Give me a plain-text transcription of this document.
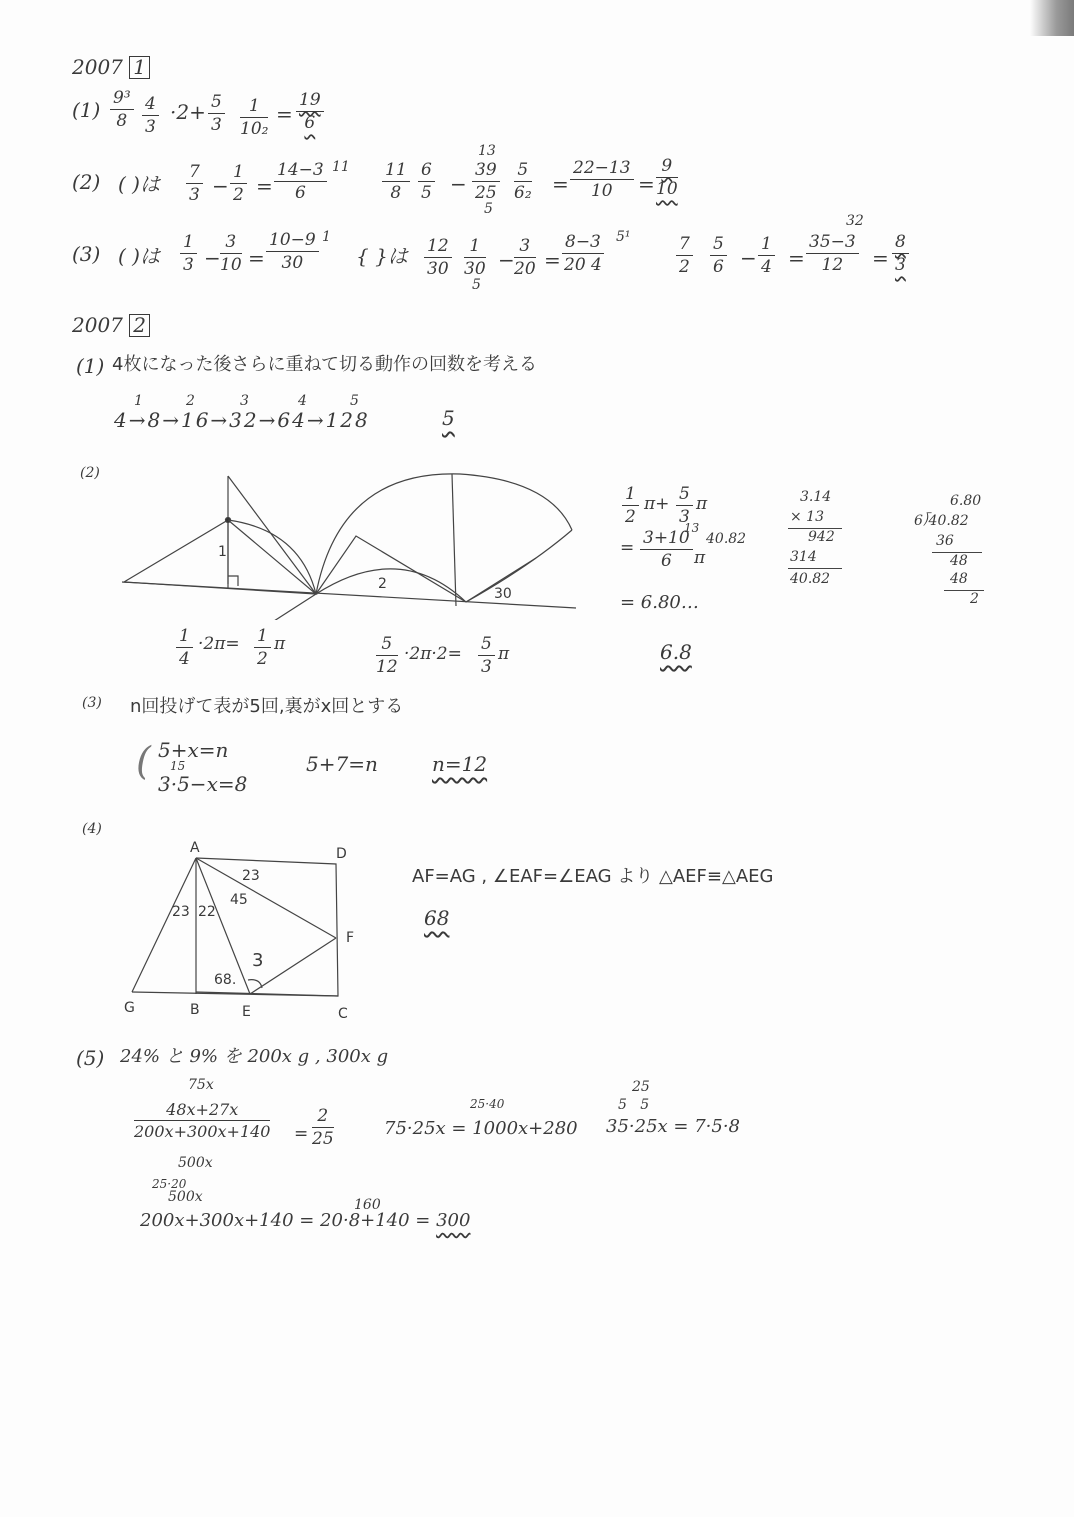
2007 1
$(1) \frac{\text{9³}}{8} \frac{4}{3} \cdot 2+ \frac{5}{3} \frac{1}{\text{10₂}} = \frac{19}{6}$
(2) ( )は $\frac{7}{3} - \frac{1}{2} = \frac{14-3}{6} 11 \frac{11}{8} \frac{6}{5}$ −
13
$\frac{39}{25}$
5
$\frac{5}{\text{6₂}} = \frac{22-13}{10} = \frac{9}{10}$
(3) ( )は $\frac{1}{3} - \frac{3}{10} = \frac{10-9}{30} 1$
{ }は $\frac{12}{30} \frac{1}{30}$
5
− $\frac{3}{20} = \frac{8-3}{20 4} 5^1$	$\frac{7}{2} \frac{5}{6} - \frac{1}{4}$ =
32
$\frac{35-3}{12} = \frac{8}{3}$
2007 2
(1) 4枚になった後さらに重ねて切る動作の回数を考える
1	2	3	4	5
4→8→16→32→64→128	5
(2)
1
2
30
$\frac{1}{4} \cdot 2\pi= \frac{1}{2}$ π	$\frac{5}{12} \cdot 2\pi\cdot 2= \frac{5}{3}$ π
$\frac{1}{2} \pi+ \frac{5}{3}$ π
= $\frac{3+10}{6}$
13
π
40.82
= 6.80…
6.8
3.14
× 13
942
314
40.82
6.80
6⟌40.82
36
48
48
2
(3) n回投げて表が5回,裏がx回とする
( 5+x=n
15
3·5−x=8
5+7=n	n=12
(4)
A	D
F
G	B	E	C
23
23 22
45
68.
3
AF=AG , ∠EAF=∠EAG より △AEF≡△AEG
68
(5) 24% と 9% を 200x g , 300x g
75x
$\frac{48x+27x}{200x+300x+140}$
500x
= $\frac{2}{25}$
25·40
75·25x = 1000x+280
25
5   5
35·25x = 7·5·8
25·20
500x	160
200x+300x+140 = 20·8+140 = 300
